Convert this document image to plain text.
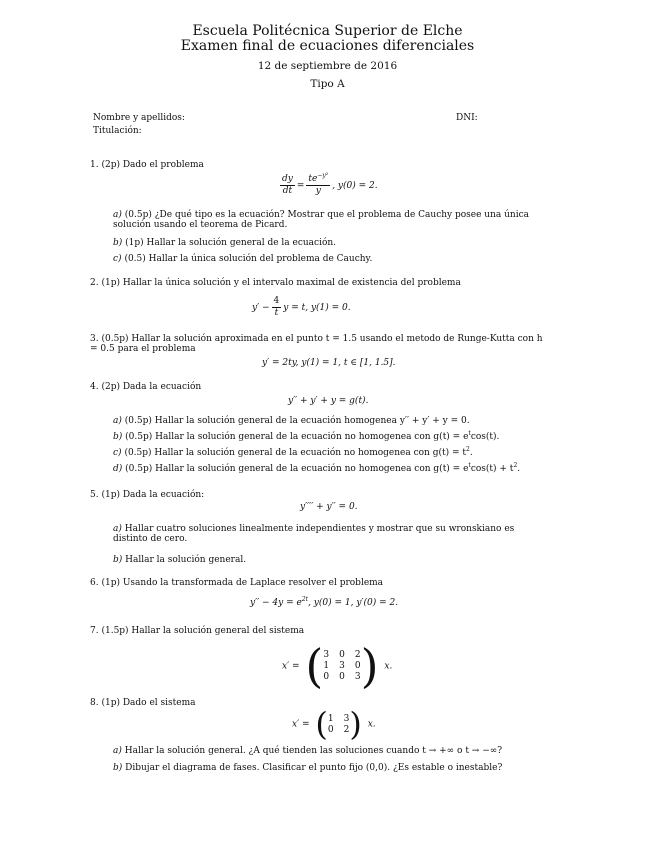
Escuela Politécnica Superior de Elche
Examen final de ecuaciones diferenciales
12 de septiembre de 2016
Tipo A
Nombre y apellidos:	DNI:
Titulación:
1. (2p) Dado el problema
$\frac{dy}{dt} = \frac{te^{-y^2}}{y}$ , y(0) = 2.
a) (0.5p) ¿De qué tipo es la ecuación? Mostrar que el problema de Cauchy posee una única solución usando el teorema de Picard.
b) (1p) Hallar la solución general de la ecuación.
c) (0.5) Hallar la única solución del problema de Cauchy.
2. (1p) Hallar la única solución y el intervalo maximal de existencia del problema
$y' - \frac{4}{t}$ y = t, y(1) = 0.
3. (0.5p) Hallar la solución aproximada en el punto t = 1.5 usando el metodo de Runge-Kutta con h = 0.5 para el problema
y′ = 2ty, y(1) = 1, t ∈ [1, 1.5].
4. (2p) Dada la ecuación
y′′ + y′ + y = g(t).
a) (0.5p) Hallar la solución general de la ecuación homogenea y′′ + y′ + y = 0.
b) (0.5p) Hallar la solución general de la ecuación no homogenea con $g(t) = e^t\cos(t)$.
c) (0.5p) Hallar la solución general de la ecuación no homogenea con $g(t) = t^2$.
d) (0.5p) Hallar la solución general de la ecuación no homogenea con $g(t) = e^t\cos(t) + t^2$.
5. (1p) Dada la ecuación:
y′′′′ + y′′ = 0.
a) Hallar cuatro soluciones linealmente independientes y mostrar que su wronskiano es distinto de cero.
b) Hallar la solución general.
6. (1p) Usando la transformada de Laplace resolver el problema
$y'' - 4y = e^{2t}$, y(0) = 1, y′(0) = 2.
7. (1.5p) Hallar la solución general del sistema
x′ = ( 3 0 2
1 3 0
0 0 3 ) x.
8. (1p) Dado el sistema
x′ = ( 1 3
0 2 ) x.
a) Hallar la solución general. ¿A qué tienden las soluciones cuando t → +∞ o t → −∞?
b) Dibujar el diagrama de fases. Clasificar el punto fijo (0,0). ¿Es estable o inestable?
